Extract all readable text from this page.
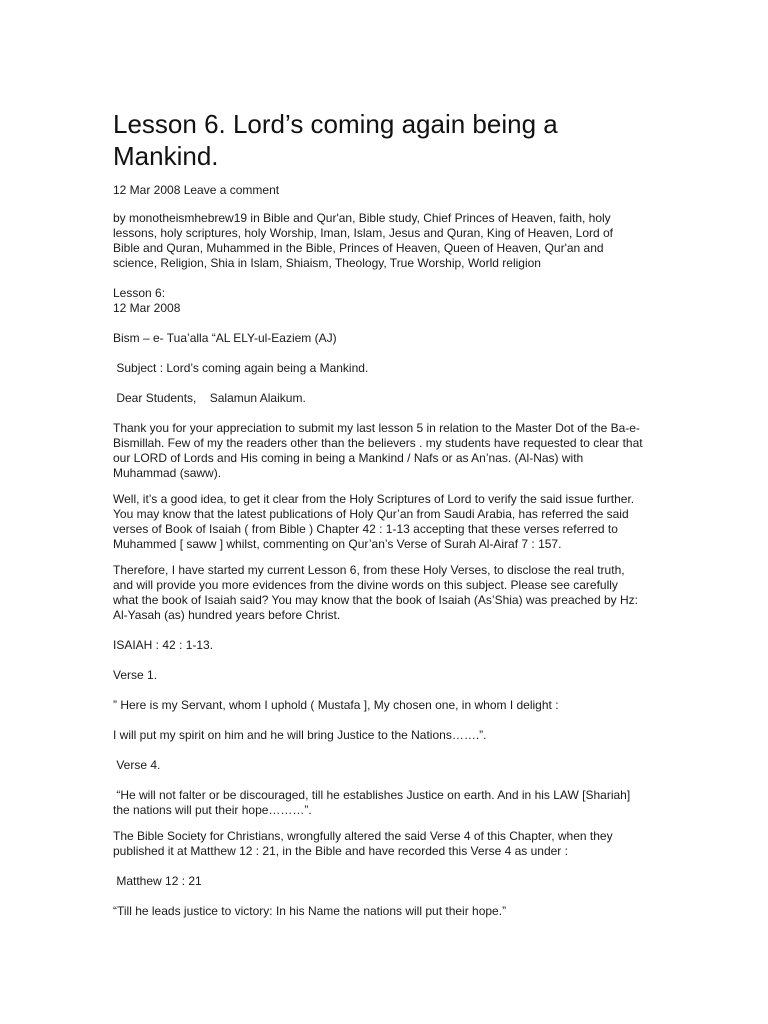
Lesson 6. Lord’s coming again being a Mankind.

12 Mar 2008 Leave a comment

by monotheismhebrew19 in Bible and Qur'an, Bible study, Chief Princes of Heaven, faith, holy lessons, holy scriptures, holy Worship, Iman, Islam, Jesus and Quran, King of Heaven, Lord of Bible and Quran, Muhammed in the Bible, Princes of Heaven, Queen of Heaven, Qur'an and science, Religion, Shia in Islam, Shiaism, Theology, True Worship, World religion

Lesson 6:

12 Mar 2008

Bism – e- Tua’alla “AL ELY-ul-Eaziem (AJ)

Subject : Lord’s coming again being a Mankind.

Dear Students,    Salamun Alaikum.

Thank you for your appreciation to submit my last lesson 5 in relation to the Master Dot of the Ba-e-Bismillah. Few of my the readers other than the believers . my students have requested to clear that our LORD of Lords and His coming in being a Mankind / Nafs or as An’nas. (Al-Nas) with Muhammad (saww).

Well, it’s a good idea, to get it clear from the Holy Scriptures of Lord to verify the said issue further. You may know that the latest publications of Holy Qur’an from Saudi Arabia, has referred the said verses of Book of Isaiah ( from Bible ) Chapter 42 : 1-13 accepting that these verses referred to Muhammed [ saww ] whilst, commenting on Qur’an’s Verse of Surah Al-Airaf 7 : 157.

Therefore, I have started my current Lesson 6, from these Holy Verses, to disclose the real truth, and will provide you more evidences from the divine words on this subject. Please see carefully what the book of Isaiah said? You may know that the book of Isaiah (As’Shia) was preached by Hz: Al-Yasah (as) hundred years before Christ.

ISAIAH : 42 : 1-13.

Verse 1.

” Here is my Servant, whom I uphold ( Mustafa ], My chosen one, in whom I delight :

I will put my spirit on him and he will bring Justice to the Nations…….”.

Verse 4.

“He will not falter or be discouraged, till he establishes Justice on earth. And in his LAW [Shariah] the nations will put their hope………”.

The Bible Society for Christians, wrongfully altered the said Verse 4 of this Chapter, when they published it at Matthew 12 : 21, in the Bible and have recorded this Verse 4 as under :

Matthew 12 : 21

“Till he leads justice to victory: In his Name the nations will put their hope.”
